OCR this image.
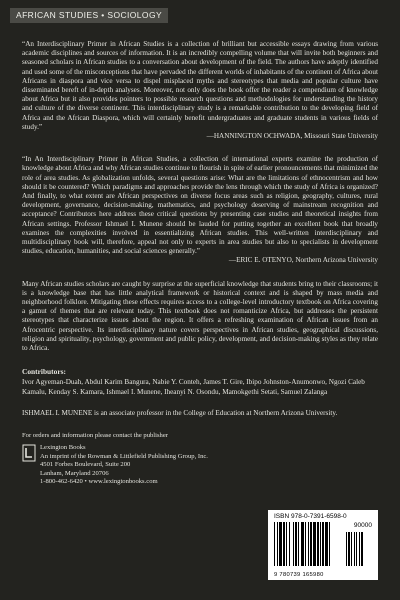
AFRICAN STUDIES • SOCIOLOGY

“An Interdisciplinary Primer in African Studies is a collection of brilliant but accessible essays drawing from various academic disciplines and sources of information. It is an incredibly compelling volume that will invite both beginners and seasoned scholars in African studies to a conversation about development of the field. The authors have adeptly identified and used some of the misconceptions that have pervaded the different worlds of inhabitants of the continent of Africa about Africans in diaspora and vice versa to dispel misplaced myths and stereotypes that media and popular culture have disseminated bereft of in-depth analyses. Moreover, not only does the book offer the reader a compendium of knowledge about Africa but it also provides pointers to possible research questions and methodologies for understanding the history and culture of the diverse continent. This interdisciplinary study is a remarkable contribution to the developing field of Africa and the African Diaspora, which will certainly benefit undergraduates and graduate students in various fields of study.”

—HANNINGTON OCHWADA, Missouri State University

“In An Interdisciplinary Primer in African Studies, a collection of international experts examine the production of knowledge about Africa and why African studies continue to flourish in spite of earlier pronouncements that minimized the role of area studies. As globalization unfolds, several questions arise: What are the limitations of ethnocentrism and how should it be countered? Which paradigms and approaches provide the lens through which the study of Africa is organized? And finally, to what extent are African perspectives on diverse focus areas such as religion, geography, cultures, rural development, governance, decision-making, mathematics, and psychology deserving of mainstream recognition and acceptance? Contributors here address these critical questions by presenting case studies and theoretical insights from African settings. Professor Ishmael I. Munene should be lauded for putting together an excellent book that broadly examines the complexities involved in essentializing African studies. This well-written interdisciplinary and multidisciplinary book will, therefore, appeal not only to experts in area studies but also to specialists in development studies, education, humanities, and social sciences generally.”

—ERIC E. OTENYO, Northern Arizona University

Many African studies scholars are caught by surprise at the superficial knowledge that students bring to their classrooms; it is a knowledge base that has little analytical framework or historical context and is shaped by mass media and neighborhood folklore. Mitigating these effects requires access to a college-level introductory textbook on Africa covering a gamut of themes that are relevant today. This textbook does not romanticize Africa, but addresses the persistent stereotypes that characterize issues about the region. It offers a refreshing examination of African issues from an Afrocentric perspective. Its interdisciplinary nature covers perspectives in African studies, geographical discussions, religion and spirituality, psychology, government and public policy, development, and decision-making styles as they relate to Africa.

Contributors:

Ivor Agyeman-Duah, Abdul Karim Bangura, Nabie Y. Conteh, James T. Gire, Ibipo Johnston-Anumonwo, Ngozi Caleb Kamalu, Kenday S. Kamara, Ishmael I. Munene, Iheanyi N. Osondu, Mamokgethi Setati, Samuel Zalanga

ISHMAEL I. MUNENE is an associate professor in the College of Education at Northern Arizona University.

For orders and information please contact the publisher

Lexington Books
An imprint of the Rowman & Littlefield Publishing Group, Inc.
4501 Forbes Boulevard, Suite 200
Lanham, Maryland 20706
1-800-462-6420 • www.lexingtonbooks.com
ISBN 978-0-7391-6598-0
90000
9 780739 165980
